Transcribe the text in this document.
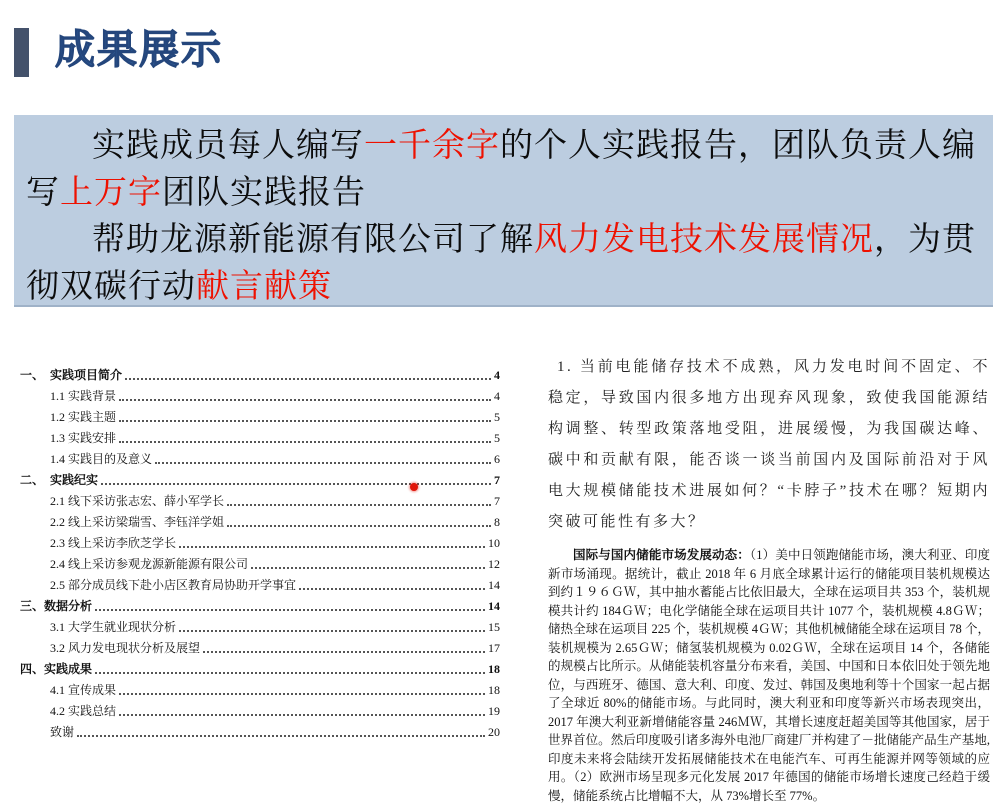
成果展示

实践成员每人编写一千余字的个人实践报告，团队负责人编写上万字团队实践报告

帮助龙源新能源有限公司了解风力发电技术发展情况，为贯彻双碳行动献言献策

一、　实践项目简介	4
1.1 实践背景	4
1.2 实践主题	5
1.3 实践安排	5
1.4 实践目的及意义	6
二、　实践纪实	7
2.1 线下采访张志宏、薛小军学长	7
2.2 线上采访梁瑞雪、李钰洋学姐	8
2.3 线上采访李欣芝学长	10
2.4 线上采访参观龙源新能源有限公司	12
2.5 部分成员线下赴小店区教育局协助开学事宜	14
三、数据分析	14
3.1 大学生就业现状分析	15
3.2 风力发电现状分析及展望	17
四、实践成果	18
4.1 宣传成果	18
4.2 实践总结	19
致谢	20

1. 当前电能储存技术不成熟，风力发电时间不固定、不稳定，导致国内很多地方出现弃风现象，致使我国能源结构调整、转型政策落地受阻，进展缓慢，为我国碳达峰、碳中和贡献有限，能否谈一谈当前国内及国际前沿对于风电大规模储能技术进展如何？“卡脖子”技术在哪？短期内突破可能性有多大？

国际与国内储能市场发展动态：（1）美中日领跑储能市场，澳大利亚、印度新市场涌现。据统计，截止 2018 年 6 月底全球累计运行的储能项目装机规模达到约１９６ＧＷ，其中抽水蓄能占比依旧最大，全球在运项目共 353 个，装机规模共计约 184ＧＷ；电化学储能全球在运项目共计 1077 个，装机规模 4.8ＧＷ；储热全球在运项目 225 个，装机规模 4ＧＷ；其他机械储能全球在运项目 78 个，装机规模为 2.65ＧＷ；储氢装机规模为 0.02ＧＷ，全球在运项目 14 个，各储能的规模占比所示。从储能装机容量分布来看，美国、中国和日本依旧处于领先地位，与西班牙、德国、意大利、印度、发过、韩国及奥地利等十个国家一起占据了全球近 80%的储能市场。与此同时，澳大利亚和印度等新兴市场表现突出，2017 年澳大利亚新增储能容量 246ＭＷ，其增长速度赶超美国等其他国家，居于世界首位。然后印度吸引诸多海外电池厂商建厂并构建了－批储能产品生产基地,印度未来将会陆续开发拓展储能技术在电能汽车、可再生能源并网等领域的应用。（2）欧洲市场呈现多元化发展 2017 年德国的储能市场增长速度己经趋于缓慢，储能系统占比增幅不大，从 73%增长至 77%。
